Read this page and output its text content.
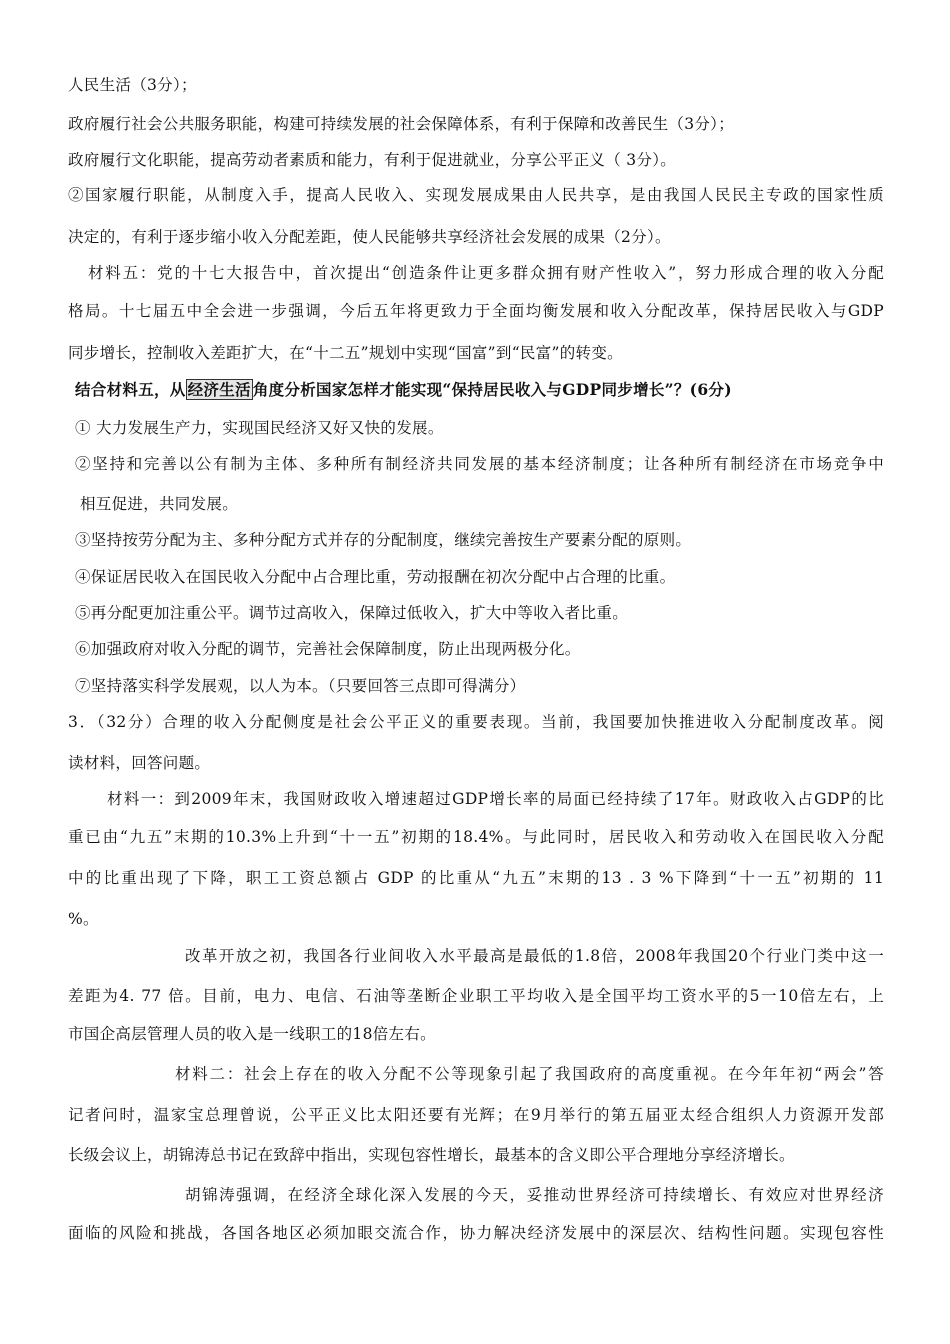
人民生活（3分）；
政府履行社会公共服务职能，构建可持续发展的社会保障体系，有利于保障和改善民生（3分）；
政府履行文化职能，提高劳动者素质和能力，有利于促进就业，分享公平正义（ 3分）。
②国家履行职能，从制度入手，提高人民收入、实现发展成果由人民共享，是由我国人民民主专政的国家性质
决定的，有利于逐步缩小收入分配差距，使人民能够共享经济社会发展的成果（2分）。
材料五：党的十七大报告中，首次提出“创造条件让更多群众拥有财产性收入”，努力形成合理的收入分配
格局。十七届五中全会进一步强调，今后五年将更致力于全面均衡发展和收入分配改革，保持居民收入与GDP
同步增长，控制收入差距扩大，在“十二五”规划中实现“国富”到“民富”的转变。
结合材料五，从 经济生活 角度分析国家怎样才能实现“保持居民收入与GDP同步增长”？(6分)
① 大力发展生产力，实现国民经济又好又快的发展。
②坚持和完善以公有制为主体、多种所有制经济共同发展的基本经济制度；让各种所有制经济在市场竞争中
相互促进，共同发展。
③坚持按劳分配为主、多种分配方式并存的分配制度，继续完善按生产要素分配的原则。
④保证居民收入在国民收入分配中占合理比重，劳动报酬在初次分配中占合理的比重。
⑤再分配更加注重公平。调节过高收入，保障过低收入，扩大中等收入者比重。
⑥加强政府对收入分配的调节，完善社会保障制度，防止出现两极分化。
⑦坚持落实科学发展观，以人为本。（只要回答三点即可得满分）
3．（32分）合理的收入分配侧度是社会公平正义的重要表现。当前，我国要加快推进收入分配制度改革。阅
读材料，回答问题。
材料一：到2009年末，我国财政收入增速超过GDP增长率的局面已经持续了17年。财政收入占GDP的比
重已由“九五”末期的10.3%上升到“十一五”初期的18.4%。与此同时，居民收入和劳动收入在国民收入分配
中的比重出现了下降，职工工资总额占 GDP 的比重从“九五”末期的13 . 3 %下降到“十一五”初期的 11
%。
改革开放之初，我国各行业间收入水平最高是最低的1.8倍，2008年我国20个行业门类中这一
差距为4. 77 倍。目前，电力、电信、石油等垄断企业职工平均收入是全国平均工资水平的5一10倍左右，上
市国企高层管理人员的收入是一线职工的18倍左右。
材料二：社会上存在的收入分配不公等现象引起了我国政府的高度重视。在今年年初“两会”答
记者问时，温家宝总理曾说，公平正义比太阳还要有光辉；在9月举行的第五届亚太经合组织人力资源开发部
长级会议上，胡锦涛总书记在致辞中指出，实现包容性增长，最基本的含义即公平合理地分享经济增长。
胡锦涛强调，在经济全球化深入发展的今天，妥推动世界经济可持续增长、有效应对世界经济
面临的风险和挑战，各国各地区必须加眼交流合作，协力解决经济发展中的深层次、结构性问题。实现包容性
